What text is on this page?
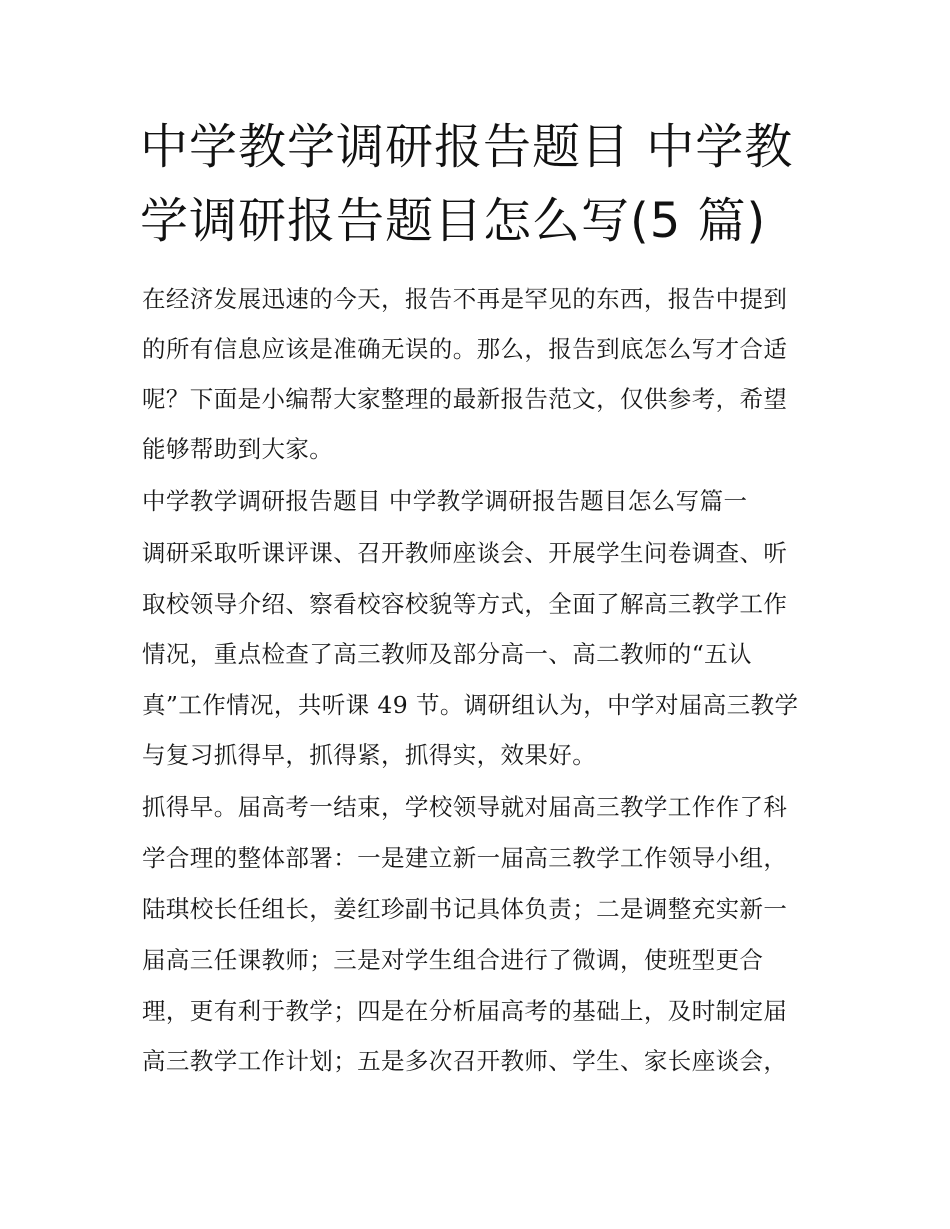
中学教学调研报告题目 中学教
学调研报告题目怎么写(5 篇)

在经济发展迅速的今天，报告不再是罕见的东西，报告中提到

的所有信息应该是准确无误的。那么，报告到底怎么写才合适

呢？下面是小编帮大家整理的最新报告范文，仅供参考，希望

能够帮助到大家。

中学教学调研报告题目 中学教学调研报告题目怎么写篇一

调研采取听课评课、召开教师座谈会、开展学生问卷调查、听

取校领导介绍、察看校容校貌等方式，全面了解高三教学工作

情况，重点检查了高三教师及部分高一、高二教师的“五认

真”工作情况，共听课 49 节。调研组认为，中学对届高三教学

与复习抓得早，抓得紧，抓得实，效果好。

抓得早。届高考一结束，学校领导就对届高三教学工作作了科

学合理的整体部署：一是建立新一届高三教学工作领导小组，

陆琪校长任组长，姜红珍副书记具体负责；二是调整充实新一

届高三任课教师；三是对学生组合进行了微调，使班型更合

理，更有利于教学；四是在分析届高考的基础上，及时制定届

高三教学工作计划；五是多次召开教师、学生、家长座谈会，
